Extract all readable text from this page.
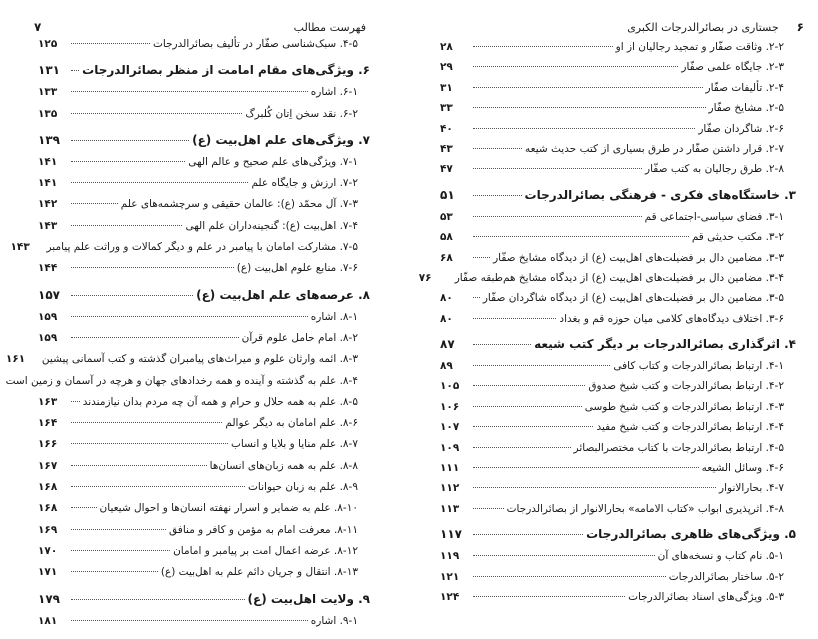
فهرست مطالب
۷
۴-۵. سبک‌شناسی صفّار در تألیف بصائرالدرجات
۱۲۵
۶. ویژگی‌های مقام امامت از منظر بصائرالدرجات
۱۳۱
۶-۱. اشاره
۱۳۳
۶-۲. نقد سخن اِتان کُلبرگ
۱۳۵
۷. ویژگی‌های علم اهل‌بیت (ع)
۱۳۹
۷-۱. ویژگی‌های علم صحیح و عالم الهی
۱۴۱
۷-۲. ارزش و جایگاه علم
۱۴۱
۷-۳. آل محمّد (ع): عالمان حقیقی و سرچشمه‌های علم
۱۴۲
۷-۴. اهل‌بیت (ع): گنجینه‌داران علم الهی
۱۴۳
۷-۵. مشارکت امامان با پیامبر در علم و دیگر کمالات و وراثت علم پیامبر
۱۴۳
۷-۶. منابع علوم اهل‌بیت (ع)
۱۴۴
۸. عرصه‌های علم اهل‌بیت (ع)
۱۵۷
۸-۱. اشاره
۱۵۹
۸-۲. امام حامل علوم قرآن
۱۵۹
۸-۳. ائمه وارثان علوم و میراث‌های پیامبران گذشته و کتب آسمانی پیشین
۱۶۱
۸-۴. علم به گذشته و آینده و همه رخدادهای جهان و هرچه در آسمان و زمین است
۸-۵. علم به همه حلال و حرام و همه آن چه مردم بدان نیازمندند
۱۶۳
۸-۶. علم امامان به دیگر عوالم
۱۶۴
۸-۷. علم منایا و بلایا و انساب
۱۶۶
۸-۸. علم به همه زبان‌های انسان‌ها
۱۶۷
۸-۹. علم به زبان حیوانات
۱۶۸
۸-۱۰. علم به ضمایر و اسرار نهفته انسان‌ها و احوال شیعیان
۱۶۸
۸-۱۱. معرفت امام به مؤمن و کافر و منافق
۱۶۹
۸-۱۲. عرضه اعمال امت بر پیامبر و امامان
۱۷۰
۸-۱۳. انتقال و جریان دائم علم به اهل‌بیت (ع)
۱۷۱
۹. ولایت اهل‌بیت (ع)
۱۷۹
۹-۱. اشاره
۱۸۱
۶
جستاری در بصائرالدرجات الکبری
۲-۲. وثاقت صفّار و تمجید رجالیان از او
۲۸
۲-۳. جایگاه علمی صفّار
۲۹
۲-۴. تألیفات صفّار
۳۱
۲-۵. مشایخ صفّار
۳۳
۲-۶. شاگردان صفّار
۴۰
۲-۷. قرار داشتن صفّار در طرق بسیاری از کتب حدیث شیعه
۴۳
۲-۸. طرق رجالیان به کتب صفّار
۴۷
۳. خاستگاه‌های فکری - فرهنگی بصائرالدرجات
۵۱
۳-۱. فضای سیاسی-اجتماعی قم
۵۳
۳-۲. مکتب حدیثی قم
۵۸
۳-۳. مضامین دال بر فضیلت‌های اهل‌بیت (ع) از دیدگاه مشایخ صفّار
۶۸
۳-۴. مضامین دال بر فضیلت‌های اهل‌بیت (ع) از دیدگاه مشایخ هم‌طبقه صفّار
۷۶
۳-۵. مضامین دال بر فضیلت‌های اهل‌بیت (ع) از دیدگاه شاگردان صفّار
۸۰
۳-۶. اختلاف دیدگاه‌های کلامی میان حوزه قم و بغداد
۸۰
۴. اثرگذاری بصائرالدرجات بر دیگر کتب شیعه
۸۷
۴-۱. ارتباط بصائرالدرجات و کتاب کافی
۸۹
۴-۲. ارتباط بصائرالدرجات و کتب شیخ صدوق
۱۰۵
۴-۳. ارتباط بصائرالدرجات و کتب شیخ طوسی
۱۰۶
۴-۴. ارتباط بصائرالدرجات و کتب شیخ مفید
۱۰۷
۴-۵. ارتباط بصائرالدرجات با کتاب مختصرالبصائر
۱۰۹
۴-۶. وسائل الشیعه
۱۱۱
۴-۷. بحارالانوار
۱۱۲
۴-۸. اثرپذیری ابواب «کتاب الامامه» بحارالانوار از بصائرالدرجات
۱۱۳
۵. ویژگی‌های ظاهری بصائرالدرجات
۱۱۷
۵-۱. نام کتاب و نسخه‌های آن
۱۱۹
۵-۲. ساختار بصائرالدرجات
۱۲۱
۵-۳. ویژگی‌های اسناد بصائرالدرجات
۱۲۴
